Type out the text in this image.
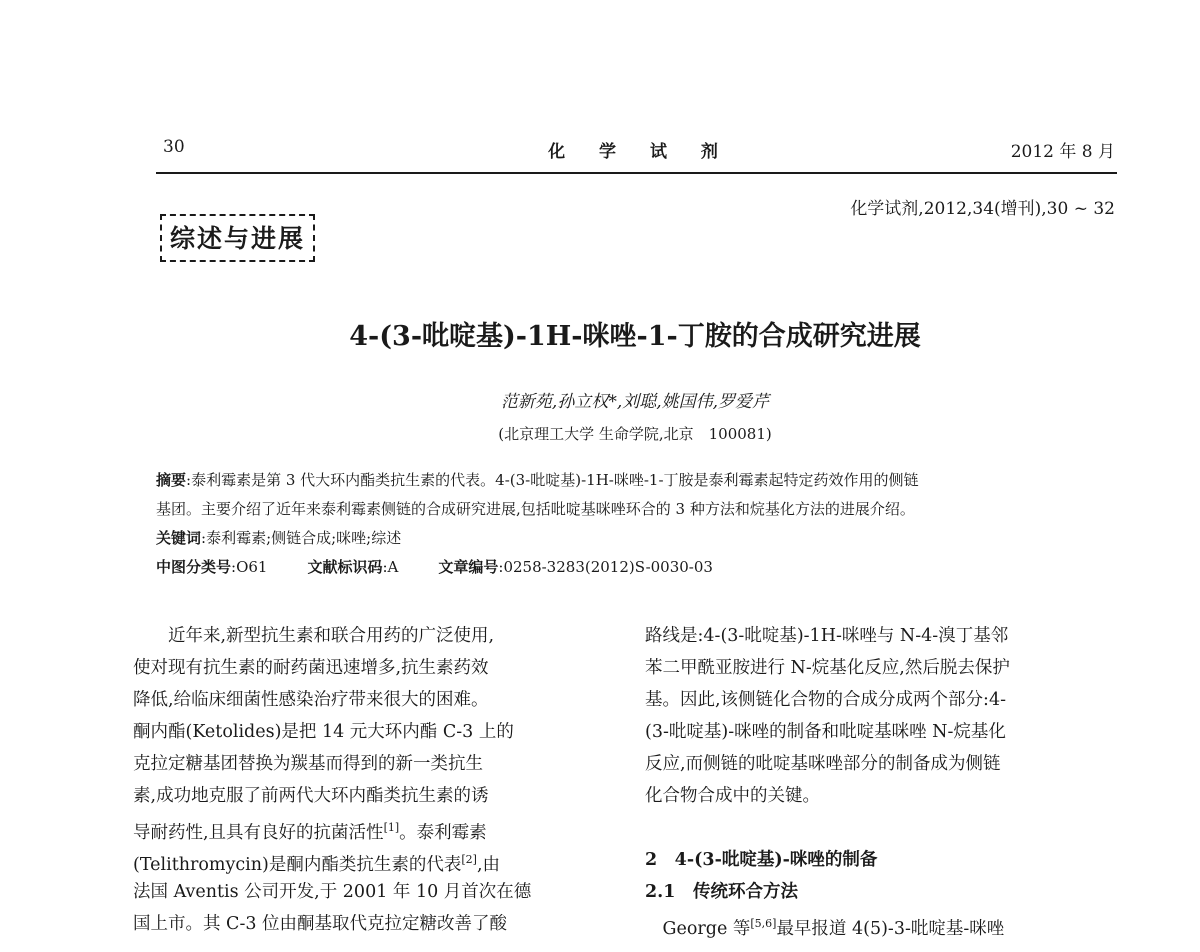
30	化 学 试 剂	2012 年 8 月
化学试剂,2012,34(增刊),30 ~ 32
综述与进展
4-(3-吡啶基)-1H-咪唑-1-丁胺的合成研究进展
范新苑,孙立权*,刘聪,姚国伟,罗爱芹
(北京理工大学 生命学院,北京　100081)
摘要:泰利霉素是第 3 代大环内酯类抗生素的代表。4-(3-吡啶基)-1H-咪唑-1-丁胺是泰利霉素起特定药效作用的侧链
基团。主要介绍了近年来泰利霉素侧链的合成研究进展,包括吡啶基咪唑环合的 3 种方法和烷基化方法的进展介绍。
关键词:泰利霉素;侧链合成;咪唑;综述
中图分类号:O61	文献标识码:A	文章编号:0258-3283(2012)S-0030-03
　　近年来,新型抗生素和联合用药的广泛使用,
使对现有抗生素的耐药菌迅速增多,抗生素药效
降低,给临床细菌性感染治疗带来很大的困难。
酮内酯(Ketolides)是把 14 元大环内酯 C-3 上的
克拉定糖基团替换为羰基而得到的新一类抗生
素,成功地克服了前两代大环内酯类抗生素的诱
导耐药性,且具有良好的抗菌活性[1]。泰利霉素
(Telithromycin)是酮内酯类抗生素的代表[2],由
法国 Aventis 公司开发,于 2001 年 10 月首次在德
国上市。其 C-3 位由酮基取代克拉定糖改善了酸
路线是:4-(3-吡啶基)-1H-咪唑与 N-4-溴丁基邻
苯二甲酰亚胺进行 N-烷基化反应,然后脱去保护
基。因此,该侧链化合物的合成分成两个部分:4-
(3-吡啶基)-咪唑的制备和吡啶基咪唑 N-烷基化
反应,而侧链的吡啶基咪唑部分的制备成为侧链
化合物合成中的关键。
2　4-(3-吡啶基)-咪唑的制备
2.1　传统环合方法
　George 等[5,6]最早报道 4(5)-3-吡啶基-咪唑
